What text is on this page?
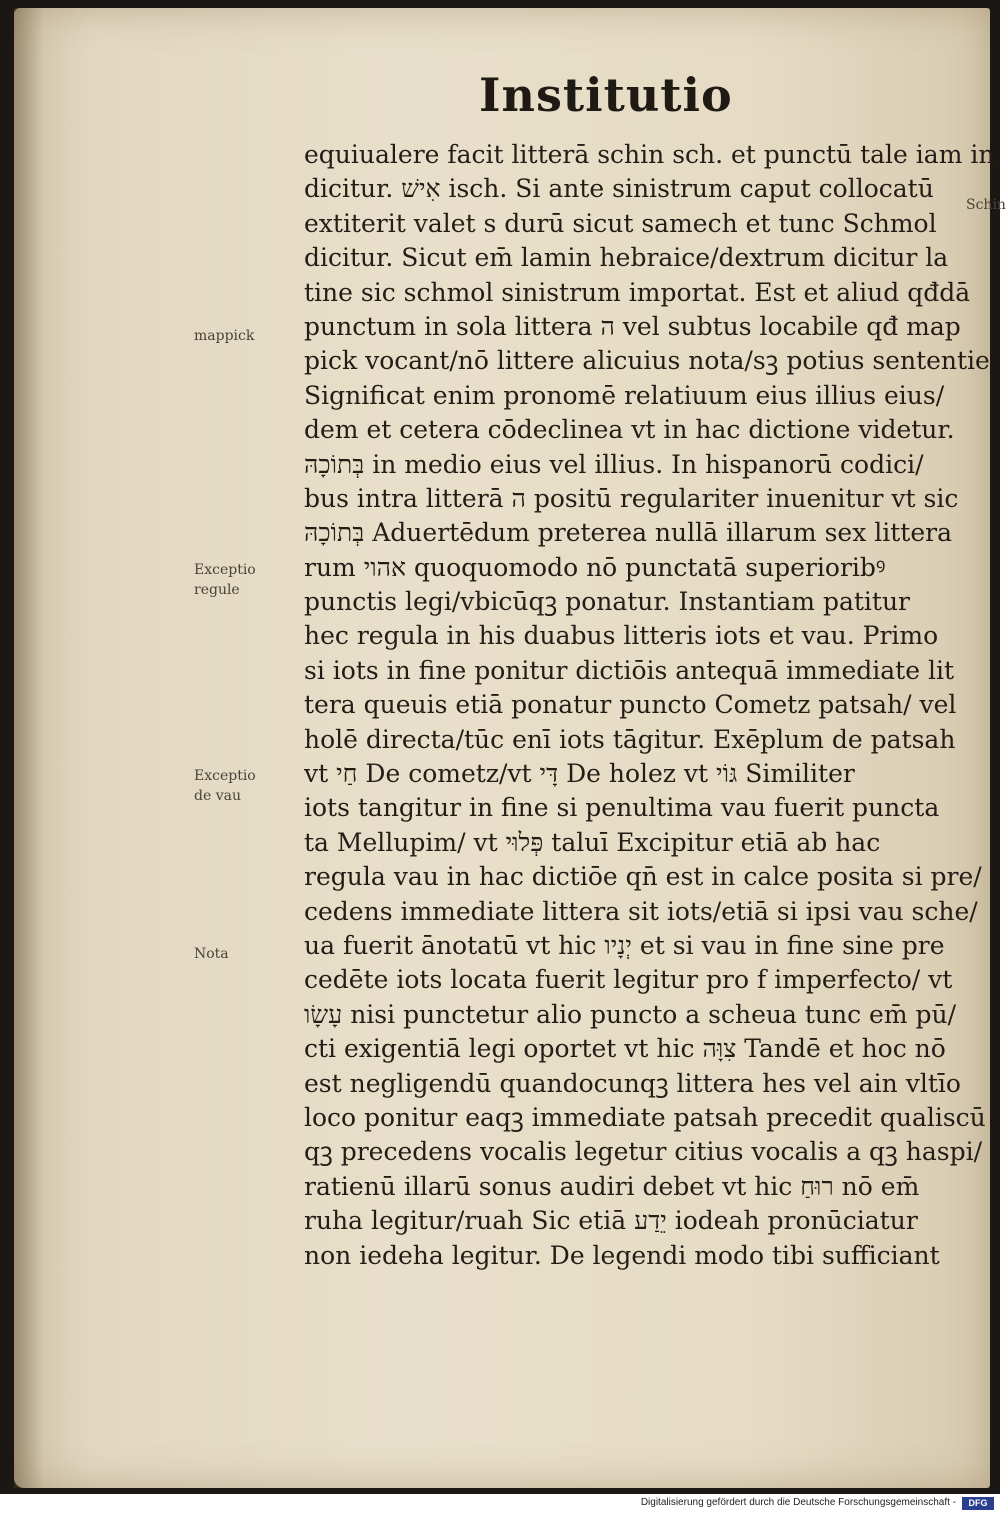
Institutio
Schin
mappick
Exceptio
regule
Exceptio
de vau
Nota
equiualere facit litterā schin sch. et punctū tale iam in
dicitur. אִישׁ isch. Si ante sinistrum caput collocatū
extiterit valet s durū sicut samech et tunc Schmol
dicitur. Sicut em̄ lamin hebraice/dextrum dicitur la
tine sic schmol sinistrum importat. Est et aliud qđdā
punctum in sola littera ה vel subtus locabile qđ map
pick vocant/nō littere alicuius nota/sꝫ potius sententie
Significat enim pronomē relatiuum eius illius eius/
dem et cetera cōdeclinea vt in hac dictione videtur.
בְּתוֹכָהּ in medio eius vel illius. In hispanorū codici/
bus intra litterā ה positū regulariter inuenitur vt sic
בְּתוֹכָהּ Aduertēdum preterea nullā illarum sex littera
rum אהוי quoquomodo nō punctatā superioribꝰ
punctis legi/vbicūqꝫ ponatur. Instantiam patitur
hec regula in his duabus litteris iots et vau. Primo
si iots in fine ponitur dictiōis antequā immediate lit
tera queuis etiā ponatur puncto Cometz patsah/ vel
holē directa/tūc enī iots tāgitur. Exēplum de patsah
vt חַי De cometz/vt דָּי De holez vt גּוֹי Similiter
iots tangitur in fine si penultima vau fuerit puncta
ta Mellupim/ vt פְּלוּי taluī Excipitur etiā ab hac
regula vau in hac dictiōe qn̄ est in calce posita si pre/
cedens immediate littera sit iots/etiā si ipsi vau sche/
ua fuerit ānotatū vt hic יְנָיו et si vau in fine sine pre
cedēte iots locata fuerit legitur pro f imperfecto/ vt
עָשָׂו nisi punctetur alio puncto a scheua tunc em̄ pū/
cti exigentiā legi oportet vt hic צִוָּה Tandē et hoc nō
est negligendū quandocunqꝫ littera hes vel ain vltīo
loco ponitur eaqꝫ immediate patsah precedit qualiscū
qꝫ precedens vocalis legetur citius vocalis a qꝫ haspi/
ratienū illarū sonus audiri debet vt hic רוּחַ nō em̄
ruha legitur/ruah Sic etiā יֵדַע iodeah pronūciatur
non iedeha legitur. De legendi modo tibi sufficiant
Digitalisierung gefördert durch die Deutsche Forschungsgemeinschaft -	DFG
